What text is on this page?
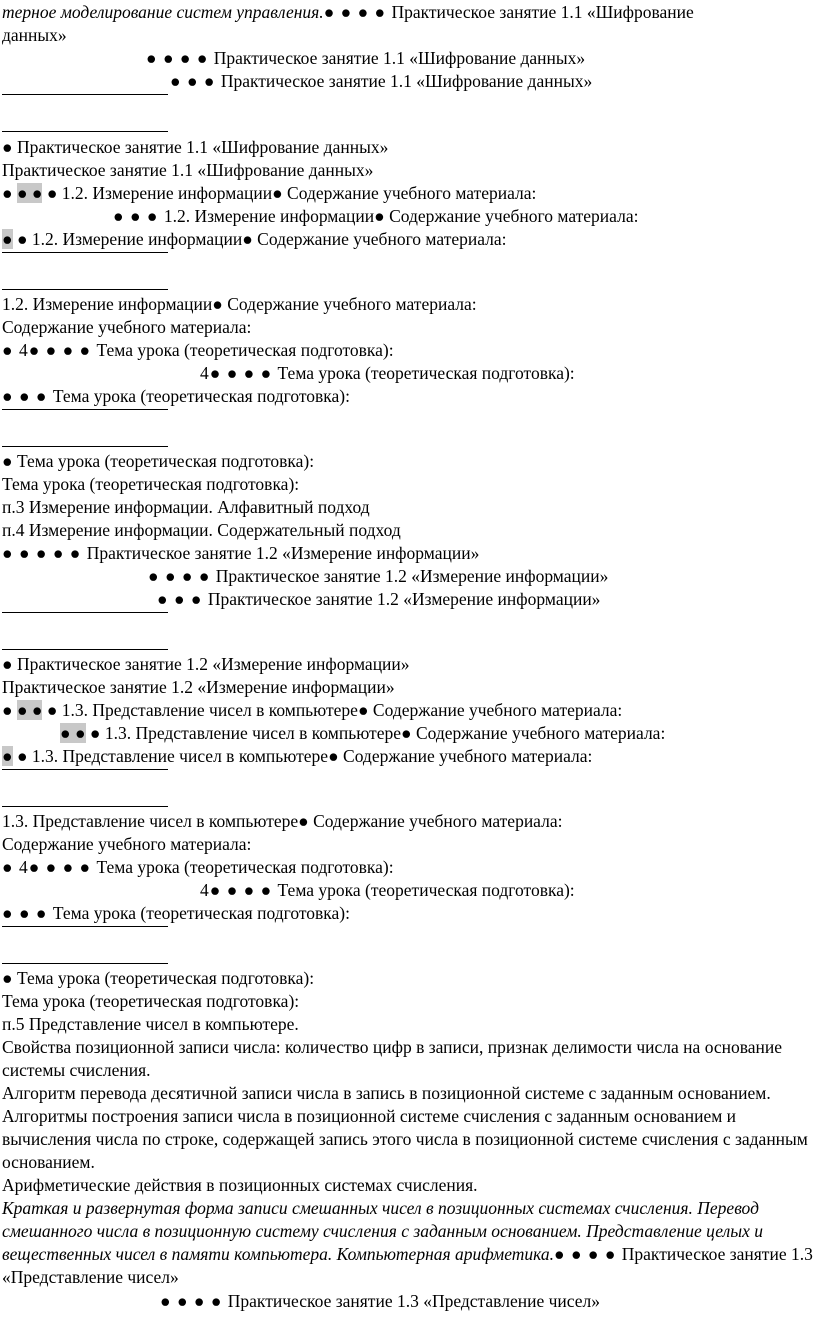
терное моделирование систем управления.● ● ● ● Практическое занятие 1.1 «Шифрование
данных»
● ● ● ● Практическое занятие 1.1 «Шифрование данных»
● ● ● Практическое занятие 1.1 «Шифрование данных»
● Практическое занятие 1.1 «Шифрование данных»
Практическое занятие 1.1 «Шифрование данных»
● ● ● ● 1.2. Измерение информации● Содержание учебного материала:
● ● ● 1.2. Измерение информации● Содержание учебного материала:
● ● 1.2. Измерение информации● Содержание учебного материала:
1.2. Измерение информации● Содержание учебного материала:
Содержание учебного материала:
● 4● ● ● ● Тема урока (теоретическая подготовка):
4● ● ● ● Тема урока (теоретическая подготовка):
● ● ● Тема урока (теоретическая подготовка):
● Тема урока (теоретическая подготовка):
Тема урока (теоретическая подготовка):
п.3 Измерение информации. Алфавитный подход
п.4 Измерение информации. Содержательный подход
● ● ● ● ● Практическое занятие 1.2 «Измерение информации»
● ● ● ● Практическое занятие 1.2 «Измерение информации»
● ● ● Практическое занятие 1.2 «Измерение информации»
● Практическое занятие 1.2 «Измерение информации»
Практическое занятие 1.2 «Измерение информации»
● ● ● ● 1.3. Представление чисел в компьютере● Содержание учебного материала:
● ● ● 1.3. Представление чисел в компьютере● Содержание учебного материала:
● ● 1.3. Представление чисел в компьютере● Содержание учебного материала:
1.3. Представление чисел в компьютере● Содержание учебного материала:
Содержание учебного материала:
● 4● ● ● ● Тема урока (теоретическая подготовка):
4● ● ● ● Тема урока (теоретическая подготовка):
● ● ● Тема урока (теоретическая подготовка):
● Тема урока (теоретическая подготовка):
Тема урока (теоретическая подготовка):
п.5 Представление чисел в компьютере.
Свойства позиционной записи числа: количество цифр в записи, признак делимости числа на основание системы счисления.
Алгоритм перевода десятичной записи числа в запись в позиционной системе с заданным основанием. Алгоритмы построения записи числа в позиционной системе счисления с заданным основанием и вычисления числа по строке, содержащей запись этого числа в позиционной системе счисления с заданным основанием.
Арифметические действия в позиционных системах счисления.
Краткая и развернутая форма записи смешанных чисел в позиционных системах счисления. Перевод смешанного числа в позиционную систему счисления с заданным основанием. Представление целых и вещественных чисел в памяти компьютера. Компьютерная арифметика.● ● ● ● Практическое занятие 1.3 «Представление чисел»
● ● ● ● Практическое занятие 1.3 «Представление чисел»
